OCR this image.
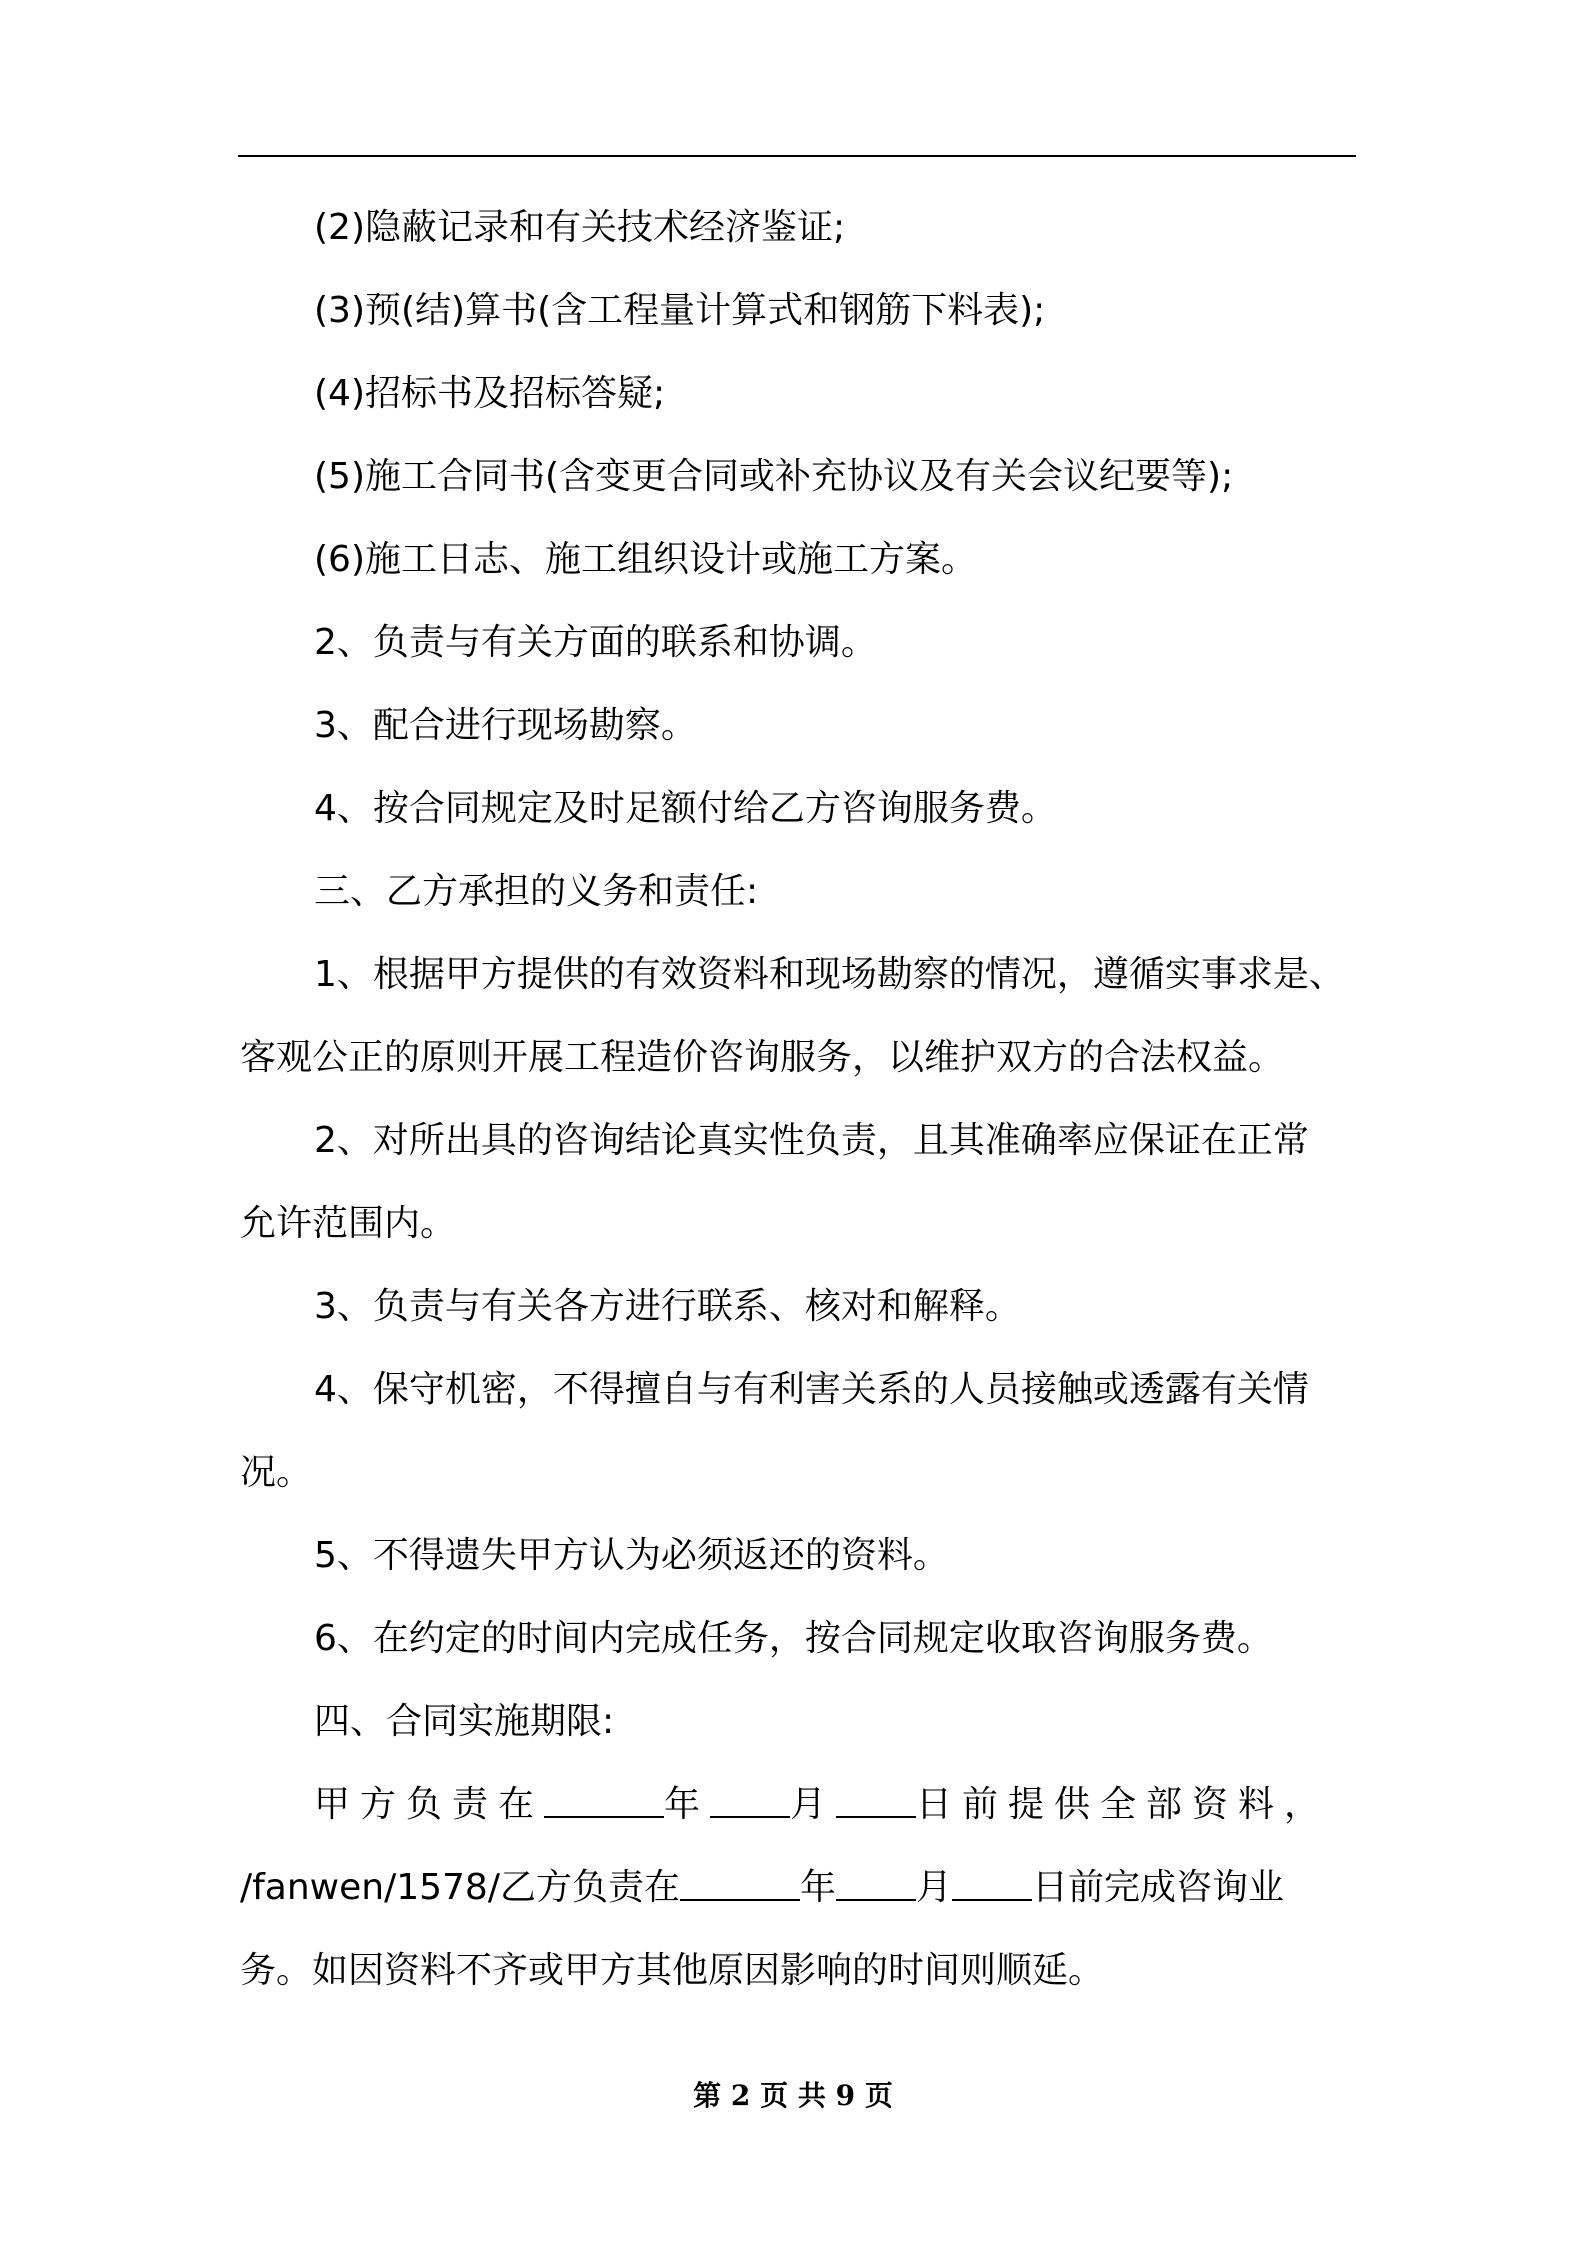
(2)隐蔽记录和有关技术经济鉴证;

(3)预(结)算书(含工程量计算式和钢筋下料表);

(4)招标书及招标答疑;

(5)施工合同书(含变更合同或补充协议及有关会议纪要等);

(6)施工日志、施工组织设计或施工方案。

2、负责与有关方面的联系和协调。

3、配合进行现场勘察。

4、按合同规定及时足额付给乙方咨询服务费。

三、乙方承担的义务和责任:

1、根据甲方提供的有效资料和现场勘察的情况，遵循实事求是、

客观公正的原则开展工程造价咨询服务，以维护双方的合法权益。

2、对所出具的咨询结论真实性负责，且其准确率应保证在正常

允许范围内。

3、负责与有关各方进行联系、核对和解释。

4、保守机密，不得擅自与有利害关系的人员接触或透露有关情

况。

5、不得遗失甲方认为必须返还的资料。

6、在约定的时间内完成任务，按合同规定收取咨询服务费。

四、合同实施期限:

甲方负责在	年 月 日前提供全部资料，

/fanwen/1578/乙方负责在	年 月 日前完成咨询业

务。如因资料不齐或甲方其他原因影响的时间则顺延。

第 2 页 共 9 页
